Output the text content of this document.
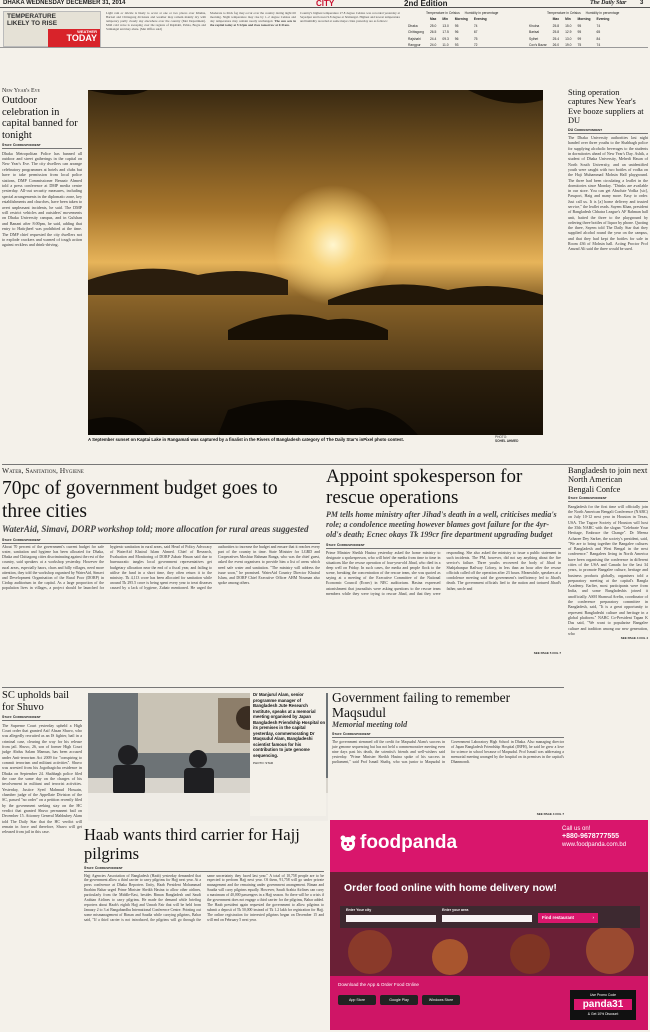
DHAKA WEDNESDAY DECEMBER 31, 2014	CITY	2nd Edition	The Daily Star 3
TEMPERATURE
LIKELY TO RISE
WEATHER
TODAY
Light rain or drizzle is likely to occur at one or two places over Khulna, Barisal and Chittagong divisions and weather may remain mainly dry with temporary partly cloudy sky elsewhere over the country (Met Department). Mild cold wave is sweeping over the regions of Rajshahi, Pabna, Bogra and Srimangal and may abate. (Met Office said)
Moderate to thick fog may occur over the country during night till morning. Night temperature may rise by 1–2 degree Celsius and day temperature may remain nearly unchanged. The sun sets in the capital today at 5:22pm and rises tomorrow at 6:41am.
Country's highest temperature 27.8 degree Celsius was recorded yesterday at Sayedpur and lowest 9.8 degree at Srimangal. Highest and lowest temperature and humidity recorded at some major cities yesterday are as follows:
Temperature in Celsius Humidity in percentage
	Max	Min	Morning	Evening
Dhaka	25.0	13.0	95	74
Chittagong	26.5	17.5	96	67
Rajshahi	24.4	09.3	96	75
Rangpur	24.0	11.0	93	72
Temperature in Celsius Humidity in percentage
	Max	Min	Morning	Evening
Khulna	25.8	15.0	95	74
Barisal	25.8	12.9	95	65
Sylhet	25.4	13.0	99	84
Cox's Bazar	26.0	19.0	75	74
New Year's Eve
Outdoor celebration in capital banned for tonight
Staff Correspondent
Dhaka Metropolitan Police has banned all outdoor and street gatherings in the capital on New Year's Eve. The city dwellers can arrange celebratory programmes at hotels and clubs but have to take permission from local police stations, DMP Commissioner Benazir Ahmed told a press conference at DMP media centre yesterday. All-out security measures, including special arrangements in the diplomatic zone, key establishments and churches, have been taken to avert unpleasant incidents, he said. The DMP will restrict vehicles and outsiders' movements on Dhaka University campus, and in Gulshan and Banani after 8:00pm, he said, adding that entry to Hatirjheel was prohibited at the time. The DMP chief requested the city dwellers not to explode crackers and warned of tough action against reckless and drink-driving.
A September sunset on Kaptai Lake in Rangamati was captured by a finalist in the Rivers of Bangladesh category of The Daily Star's inPixel photo contest.	PHOTO:
SOHEL AHMED
Sting operation captures New Year's Eve booze suppliers at DU
DU Correspondent
The Dhaka University authorities last night handed over three youths to the Shahbagh police for supplying alcoholic beverages to the students in dormitories ahead of New Year's Day. Ashik, a student of Dhaka University, Mehedi Hasan of North South University, and an unidentified youth were caught with two bottles of vodka on the Haji Muhammad Mohsin Hall playground. The three had been circulating a leaflet in the dormitories since Monday. "Drinks are available in our store. You can get Absolute Vodka [sic], Passport, Haig and many more. Easy to order. Just call us. It is [a] home delivery and trusted service," the leaflet reads. Sayem Khan, president of Bangladesh Chhatra League's AF Rahman hall unit, baited the three to the playground by ordering three bottles of liquor by phone. Quoting the three, Sayem told The Daily Star that they supplied alcohol round the year on the campus, and that they had kept the bottles for sale in Room 436 of Mohsin hall. Acting Proctor Prof Amzad Ali said the three would be sued.
Water, Sanitation, Hygiene
70pc of government budget goes to three cities
WaterAid, Simavi, DORP workshop told; more allocation for rural areas suggested
Staff Correspondent
About 70 percent of the government's current budget for safe water, sanitation and hygiene has been allocated for Dhaka, Dhaka and Chittagong cities discriminating against the rest of the country, said speakers at a workshop yesterday. However the rural areas, especially haors, chars and hilly villages, need more attention, they told the workshop organised by WaterAid, Simavi and Development Organisation of the Rural Poor (DORP) in Cirdap auditorium in the capital. As a large proportion of the population lives in villages, a project should be launched for hygienic sanitation in rural areas, said Head of Policy Advocacy of WaterAid Khairul Islam Ahmed. Chief of Research, Evaluation and Monitoring of DORP Zubair Hasan said due to bureaucratic tangles local government representatives get budgetary allocation near the end of a fiscal year, and failing to utilise the fund in a short time, they often return it to the ministry. Tk 4,113 crore has been allocated for sanitation while around Tk 295.5 crore is being spent every year to treat diseases caused by a lack of hygiene, Zubair mentioned. He urged the authorities to increase the budget and ensure that it reaches every part of the country in time. State Minister for LGRD and Cooperatives Moshiur Rahman Ranga, who was the chief guest, asked the event organisers to provide him a list of areas which need safe water and sanitation. "The ministry will address the issue soon," he promised. WaterAid Country Director Khairul Islam, and DORP Chief Executive Officer AHM Nouman also spoke among others.
Appoint spokesperson for rescue operations
PM tells home ministry after Jihad's death in a well, criticises media's role; a condolence meeting however blames govt failure for the 4yr-old's death; Ecnec okays Tk 199cr fire department upgrading budget
Staff Correspondent
Prime Minister Sheikh Hasina yesterday asked the home ministry to designate a spokesperson, who will brief the media from time to time in situations like the rescue operation of four-year-old Jihad, who died in a deep well on Friday. In such cases, the media and people flock to the scene, breaking the concentration of the rescue team, she was quoted as saying at a meeting of the Executive Committee of the National Economic Council (Ecnec) in NEC auditorium. Hasina expressed astonishment that journalists were asking questions to the rescue team members while they were trying to rescue Jihad, and that they were responding. She also asked the ministry to issue a public statement in such incidents. The PM, however, did not say anything about the fire service's failure. Three youths recovered the body of Jihad in Shahjahanpur Railway Colony, in less than an hour after the rescue officials called off the operation after 23 hours. Meanwhile, speakers at a condolence meeting said the government's inefficiency led to Jihad's death. The government officials lied to the nation and tortured Jihad's father, uncle and
SEE PAGE 5 COL 7
Bangladesh to join next North American Bengali Confce
Staff Correspondent
Bangladesh for the first time will officially join the North American Bengali Conference (NABC) on July 10-12 next year in Houston in Texas, USA. The Tagore Society of Houston will host the 35th NABC with the slogan "Celebrate Your Heritage, Embrace the Change". Dr Meena Acharee Dey Sarker, the society's president, said, "We are to bring together the Bangalee cultures of Bangladesh and West Bengal in the next conference." Bangalees living in North America have been organising the conference in different cities of the USA and Canada for the last 34 years, to promote Bangalee culture, heritage and business products globally, organisers told a preparatory meeting at the capital's Bangla Academy. Earlier, most participants were from India, and some Bangladeshis joined it unofficially. ASM Shamsul Arefin, coordinator of the conference preparatory committee in Bangladesh, said, "It is a great opportunity to represent Bangladeshi culture and heritage in a global platform." NABC Co-President Tapan K Das said, "We want to popularise Bangalee culture and tradition among our new generation, who
SEE PAGE 4 COL 4
SC upholds bail for Shuvo
Staff Correspondent
The Supreme Court yesterday upheld a High Court order that granted Asif Ahsan Shuvo, who was allegedly recruited as an IS fighter, bail in a criminal case, clearing the way for his release from jail. Shuvo, 26, son of former High Court judge Abdus Salam Mamun, has been accused under Anti-terrorism Act 2009 for "conspiring to commit terrorism and militant activities". Shuvo was arrested from his Jogotbagicha residence in Dhaka on September 24. Shahbagh police filed the case the same day on the charges of his involvement in militant and terrorist activities. Yesterday, Justice Syed Mahmud Hossain, chamber judge of the Appellate Division of the SC, passed "no order" on a petition recently filed by the government seeking stay on the HC verdict that granted Shuvo permanent bail on December 15. Attorney General Mahbubey Alam told The Daily Star that the HC verdict will remain in force and therefore, Shuvo will get released from jail in this case.
Dr Manjurul Alam, senior programme manager of Bangladesh Jute Research Institute, speaks at a memorial meeting organised by Japan Bangladesh Friendship Hospital on its premises in the capital yesterday, commemorating Dr Maqsudul Alam, Bangladeshi scientist famous for his contribution to jute genome sequencing.
PHOTO: STAR
Government failing to remember Maqsudul
Memorial meeting told
Staff Correspondent
The government stemmed off the credit for Maqsudul Alam's success in jute genome sequencing but has not held a commemorative meeting even nine days past his death, the scientist's friends and well-wishers said yesterday. "Prime Minister Sheikh Hasina spoke of his success in parliament," said Prof Ismail Shafiq, who was junior to Maqsudul in Government Laboratory High School in Dhaka. Also managing director of Japan Bangladesh Friendship Hospital (JBFH), he said he grew a love for science in school because of Maqsudul. Prof Ismail was addressing a memorial meeting arranged by the hospital on its premises in the capital's Dhanmondi.
SEE PAGE 4 COL 7
Haab wants third carrier for Hajj pilgrims
Staff Correspondent
Hajj Agencies Association of Bangladesh (Haab) yesterday demanded that the government allow a third carrier to carry pilgrims for Hajj next year. At a press conference at Dhaka Reporters Unity, Haab President Mohammad Ibrahim Bahar urged Prime Minister Sheikh Hasina to allow other airlines, particularly from the Middle-East, besides Biman Bangladesh and Saudi Arabian Airlines to carry pilgrims. He made the demand while briefing reporters about Haab's eighth Hajj and Umrah Fair that will be held from January 2 to 3 at Bangabandhu International Conference Centre. Pointing out some mismanagement of Biman and Saudia while carrying pilgrims, Bahar said, "If a third carrier is not introduced, the pilgrims will go through the same uncertainty they faced last year." A total of 10,758 people are to be expected to perform Hajj next year. Of them, 91,758 will go under private management and the remaining under government arrangement. Biman and Saudia will carry pilgrims equally. However, Saudi Arabia Airlines can carry a maximum of 40,000 passengers in a Hajj season. So there will be a crisis if the government does not engage a third carrier for the pilgrims, Bahar added. The Haab president again requested the government to allow pilgrims to submit a deposit of Tk 50,000 instead of Tk 1.2 lakh for registration for Hajj. The online registration for interested pilgrims began on December 15 and will end on February 5 next year.
foodpanda
Call us on!
+880-9678777555
www.foodpanda.com.bd
Order food online with home delivery now!
Enter Your city	Enter your area
Find restaurant	›
Download the App & Order Food Online
App Store	Google Play	Windows Store
Use Promo Code
panda31
& Get 10% Discount
